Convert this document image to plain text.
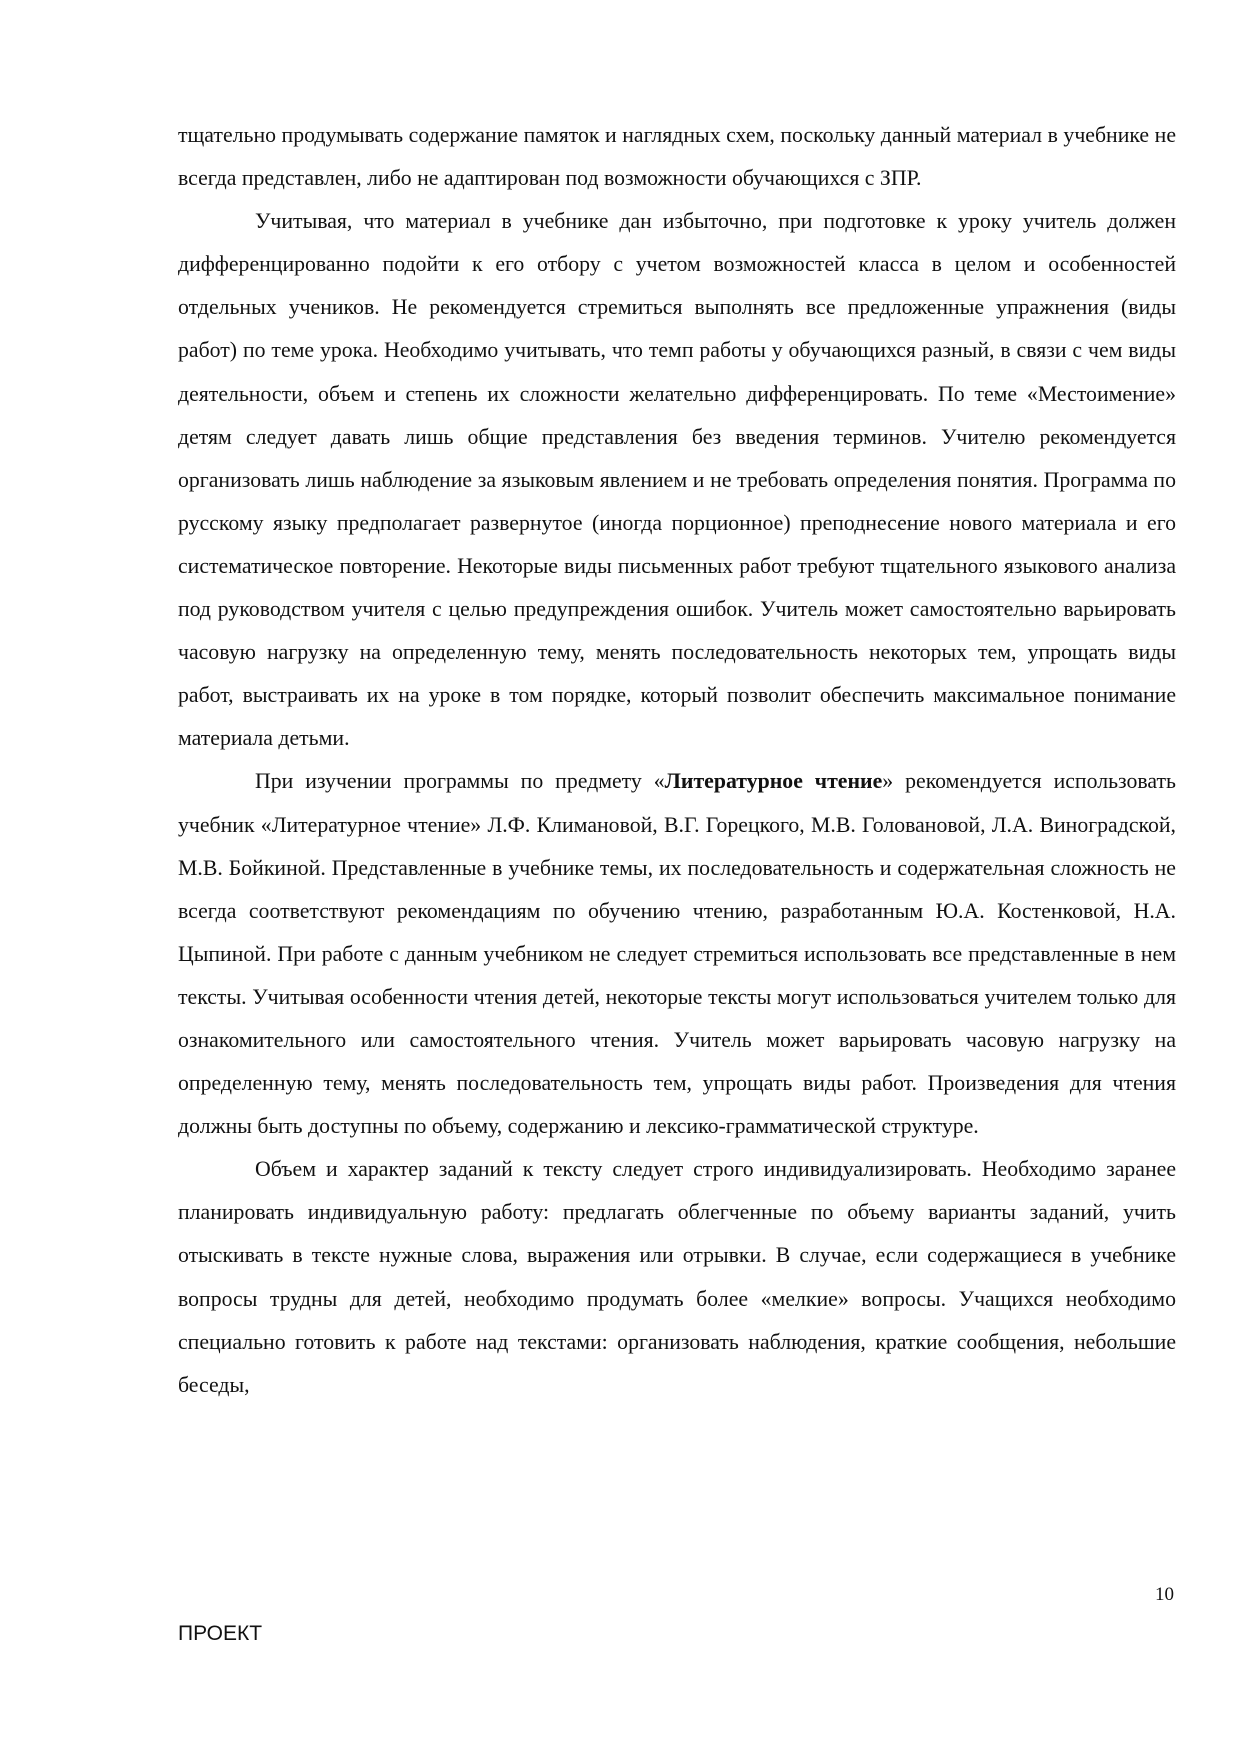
тщательно продумывать содержание памяток и наглядных схем, поскольку данный материал в учебнике не всегда представлен, либо не адаптирован под возможности обучающихся с ЗПР.

Учитывая, что материал в учебнике дан избыточно, при подготовке к уроку учитель должен дифференцированно подойти к его отбору с учетом возможностей класса в целом и особенностей отдельных учеников. Не рекомендуется стремиться выполнять все предложенные упражнения (виды работ) по теме урока. Необходимо учитывать, что темп работы у обучающихся разный, в связи с чем виды деятельности, объем и степень их сложности желательно дифференцировать. По теме «Местоимение» детям следует давать лишь общие представления без введения терминов. Учителю рекомендуется организовать лишь наблюдение за языковым явлением и не требовать определения понятия. Программа по русскому языку предполагает развернутое (иногда порционное) преподнесение нового материала и его систематическое повторение. Некоторые виды письменных работ требуют тщательного языкового анализа под руководством учителя с целью предупреждения ошибок. Учитель может самостоятельно варьировать часовую нагрузку на определенную тему, менять последовательность некоторых тем, упрощать виды работ, выстраивать их на уроке в том порядке, который позволит обеспечить максимальное понимание материала детьми.

При изучении программы по предмету «Литературное чтение» рекомендуется использовать учебник «Литературное чтение» Л.Ф. Климановой, В.Г. Горецкого, М.В. Головановой, Л.А. Виноградской, М.В. Бойкиной. Представленные в учебнике темы, их последовательность и содержательная сложность не всегда соответствуют рекомендациям по обучению чтению, разработанным Ю.А. Костенковой, Н.А. Цыпиной. При работе с данным учебником не следует стремиться использовать все представленные в нем тексты. Учитывая особенности чтения детей, некоторые тексты могут использоваться учителем только для ознакомительного или самостоятельного чтения. Учитель может варьировать часовую нагрузку на определенную тему, менять последовательность тем, упрощать виды работ. Произведения для чтения должны быть доступны по объему, содержанию и лексико-грамматической структуре.

Объем и характер заданий к тексту следует строго индивидуализировать. Необходимо заранее планировать индивидуальную работу: предлагать облегченные по объему варианты заданий, учить отыскивать в тексте нужные слова, выражения или отрывки. В случае, если содержащиеся в учебнике вопросы трудны для детей, необходимо продумать более «мелкие» вопросы. Учащихся необходимо специально готовить к работе над текстами: организовать наблюдения, краткие сообщения, небольшие беседы,

10
ПРОЕКТ
